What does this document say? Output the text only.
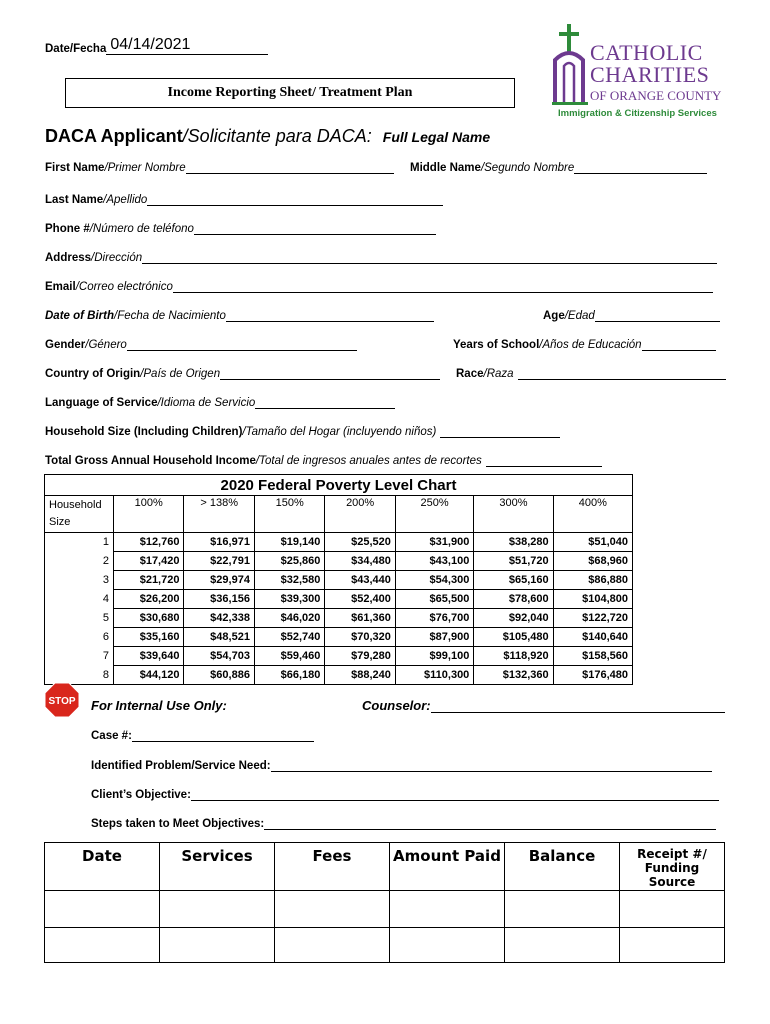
Date/Fecha 04/14/2021
Income Reporting Sheet/ Treatment Plan
CATHOLIC
CHARITIES
OF ORANGE COUNTY
Immigration & Citizenship Services
DACA Applicant/Solicitante para DACA: Full Legal Name
First Name/Primer Nombre	Middle Name/Segundo Nombre
Last Name/Apellido
Phone #/Número de teléfono
Address/Dirección
Email/Correo electrónico
Date of Birth/Fecha de Nacimiento	Age/Edad
Gender/Género	Years of School/Años de Educación
Country of Origin/País de Origen	Race/Raza
Language of Service/Idioma de Servicio
Household Size (Including Children)/Tamaño del Hogar (incluyendo niños)
Total Gross Annual Household Income/Total de ingresos anuales antes de recortes
2020 Federal Poverty Level Chart							
Household Size	100%	> 138%	150%	200%	250%	300%	400%
1	$12,760	$16,971	$19,140	$25,520	$31,900	$38,280	$51,040
2	$17,420	$22,791	$25,860	$34,480	$43,100	$51,720	$68,960
3	$21,720	$29,974	$32,580	$43,440	$54,300	$65,160	$86,880
4	$26,200	$36,156	$39,300	$52,400	$65,500	$78,600	$104,800
5	$30,680	$42,338	$46,020	$61,360	$76,700	$92,040	$122,720
6	$35,160	$48,521	$52,740	$70,320	$87,900	$105,480	$140,640
7	$39,640	$54,703	$59,460	$79,280	$99,100	$118,920	$158,560
8	$44,120	$60,886	$66,180	$88,240	$110,300	$132,360	$176,480
STOP For Internal Use Only:	Counselor:
Case #:
Identified Problem/Service Need:
Client’s Objective:
Steps taken to Meet Objectives:
Date	Services	Fees	Amount Paid	Balance	Receipt #/ Funding Source
